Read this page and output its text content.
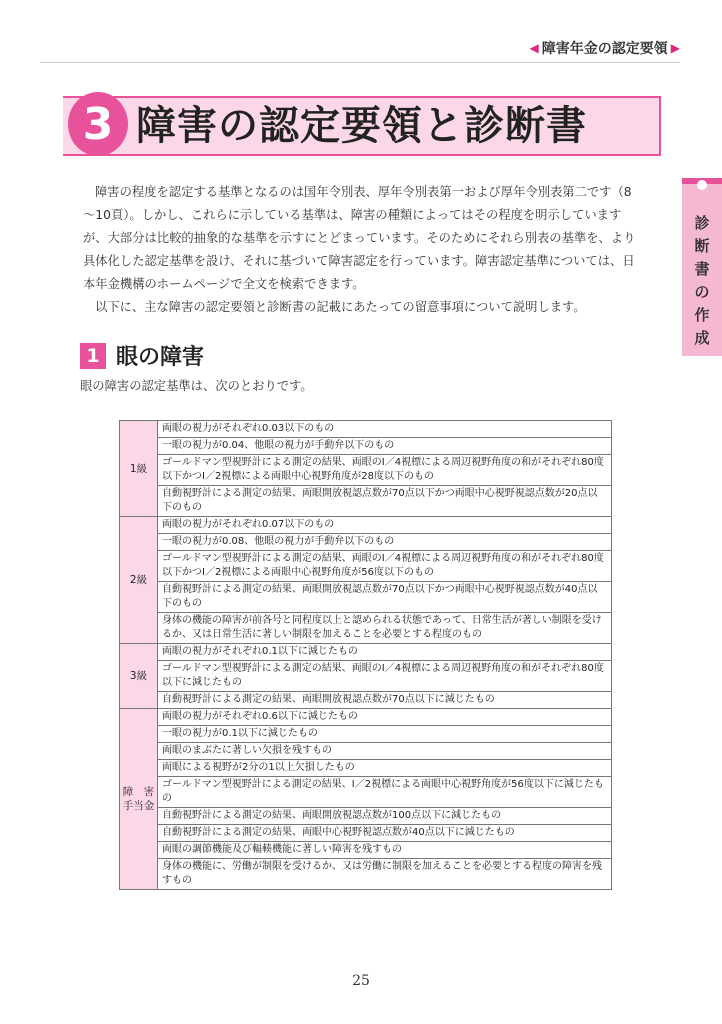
◀ 障害年金の認定要領 ▶
3 障害の認定要領と診断書
診
断
書
の
作
成

障害の程度を認定する基準となるのは国年令別表、厚年令別表第一および厚年令別表第二です（8～10頁）。しかし、これらに示している基準は、障害の種類によってはその程度を明示していますが、大部分は比較的抽象的な基準を示すにとどまっています。そのためにそれら別表の基準を、より具体化した認定基準を設け、それに基づいて障害認定を行っています。障害認定基準については、日本年金機構のホームページで全文を検索できます。

以下に、主な障害の認定要領と診断書の記載にあたっての留意事項について説明します。

1 眼の障害
眼の障害の認定基準は、次のとおりです。
1級	両眼の視力がそれぞれ0.03以下のもの
	一眼の視力が0.04、他眼の視力が手動弁以下のもの
	ゴールドマン型視野計による測定の結果、両眼のⅠ／4視標による周辺視野角度の和がそれぞれ80度以下かつⅠ／2視標による両眼中心視野角度が28度以下のもの
	自動視野計による測定の結果、両眼開放視認点数が70点以下かつ両眼中心視野視認点数が20点以下のもの
2級	両眼の視力がそれぞれ0.07以下のもの
	一眼の視力が0.08、他眼の視力が手動弁以下のもの
	ゴールドマン型視野計による測定の結果、両眼のⅠ／4視標による周辺視野角度の和がそれぞれ80度以下かつⅠ／2視標による両眼中心視野角度が56度以下のもの
	自動視野計による測定の結果、両眼開放視認点数が70点以下かつ両眼中心視野視認点数が40点以下のもの
	身体の機能の障害が前各号と同程度以上と認められる状態であって、日常生活が著しい制限を受けるか、又は日常生活に著しい制限を加えることを必要とする程度のもの
3級	両眼の視力がそれぞれ0.1以下に減じたもの
	ゴールドマン型視野計による測定の結果、両眼のⅠ／4視標による周辺視野角度の和がそれぞれ80度以下に減じたもの
	自動視野計による測定の結果、両眼開放視認点数が70点以下に減じたもの
障　害
手当金	両眼の視力がそれぞれ0.6以下に減じたもの
	一眼の視力が0.1以下に減じたもの
	両眼のまぶたに著しい欠損を残すもの
	両眼による視野が2分の1以上欠損したもの
	ゴールドマン型視野計による測定の結果、Ⅰ／2視標による両眼中心視野角度が56度以下に減じたもの
	自動視野計による測定の結果、両眼開放視認点数が100点以下に減じたもの
	自動視野計による測定の結果、両眼中心視野視認点数が40点以下に減じたもの
	両眼の調節機能及び輻輳機能に著しい障害を残すもの
	身体の機能に、労働が制限を受けるか、又は労働に制限を加えることを必要とする程度の障害を残すもの
25
